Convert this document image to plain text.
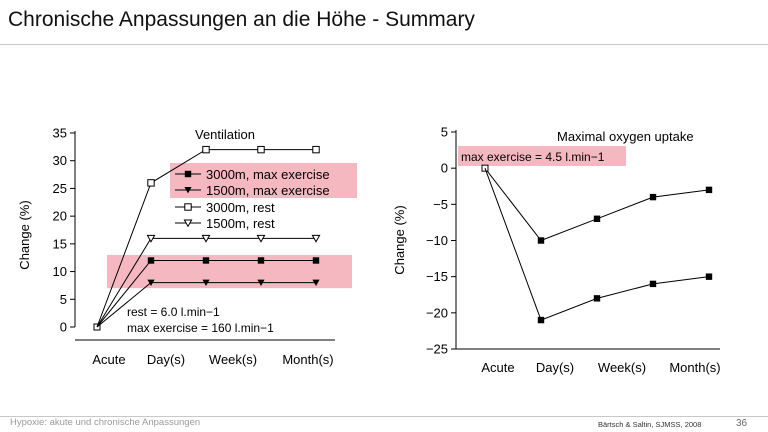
Chronische Anpassungen an die Höhe - Summary
0
5
10
15
20
25
30
35
Acute Day(s) Week(s) Month(s)
Ventilation
3000m, max exercise
1500m, max exercise
3000m, rest
1500m, rest
rest = 6.0 l.min−1
max exercise = 160 l.min−1
Change (%)
5
0
−5
−10
−15
−20
−25
Acute Day(s) Week(s) Month(s)
Maximal oxygen uptake
max exercise = 4.5 l.min−1
Change (%)
Hypoxie: akute und chronische Anpassungen	Bärtsch & Saltin, SJMSS, 2008	36
